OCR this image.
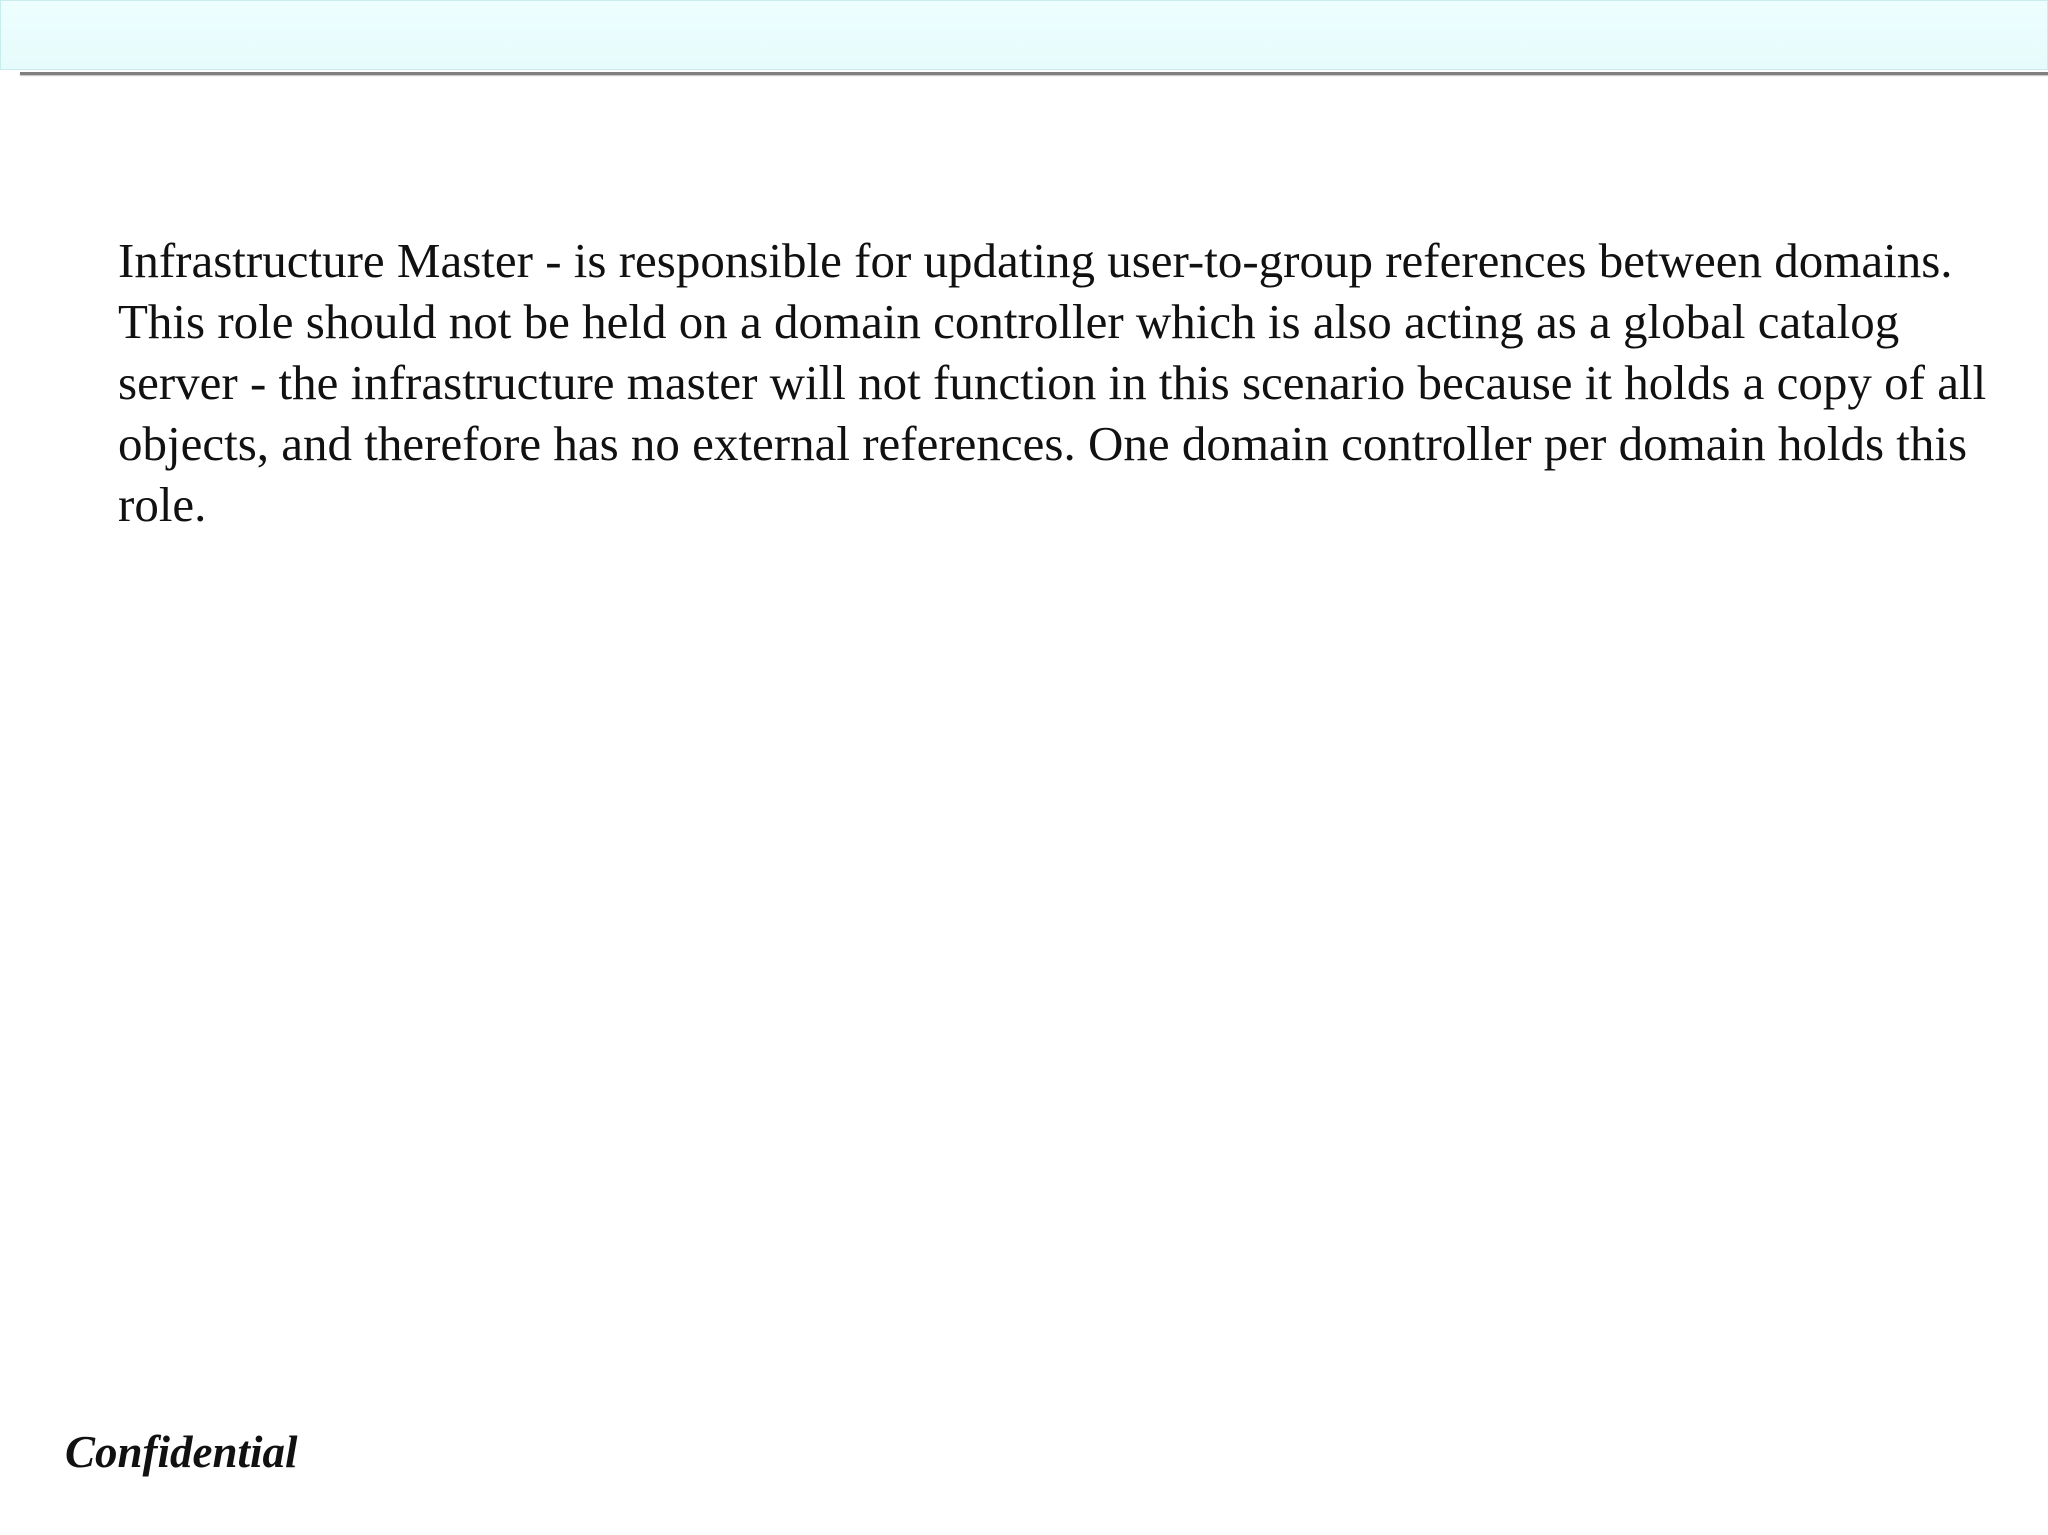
Infrastructure Master - is responsible for updating user-to-group references between domains. This role should not be held on a domain controller which is also acting as a global catalog server - the infrastructure master will not function in this scenario because it holds a copy of all objects, and therefore has no external references. One domain controller per domain holds this role.

Confidential
